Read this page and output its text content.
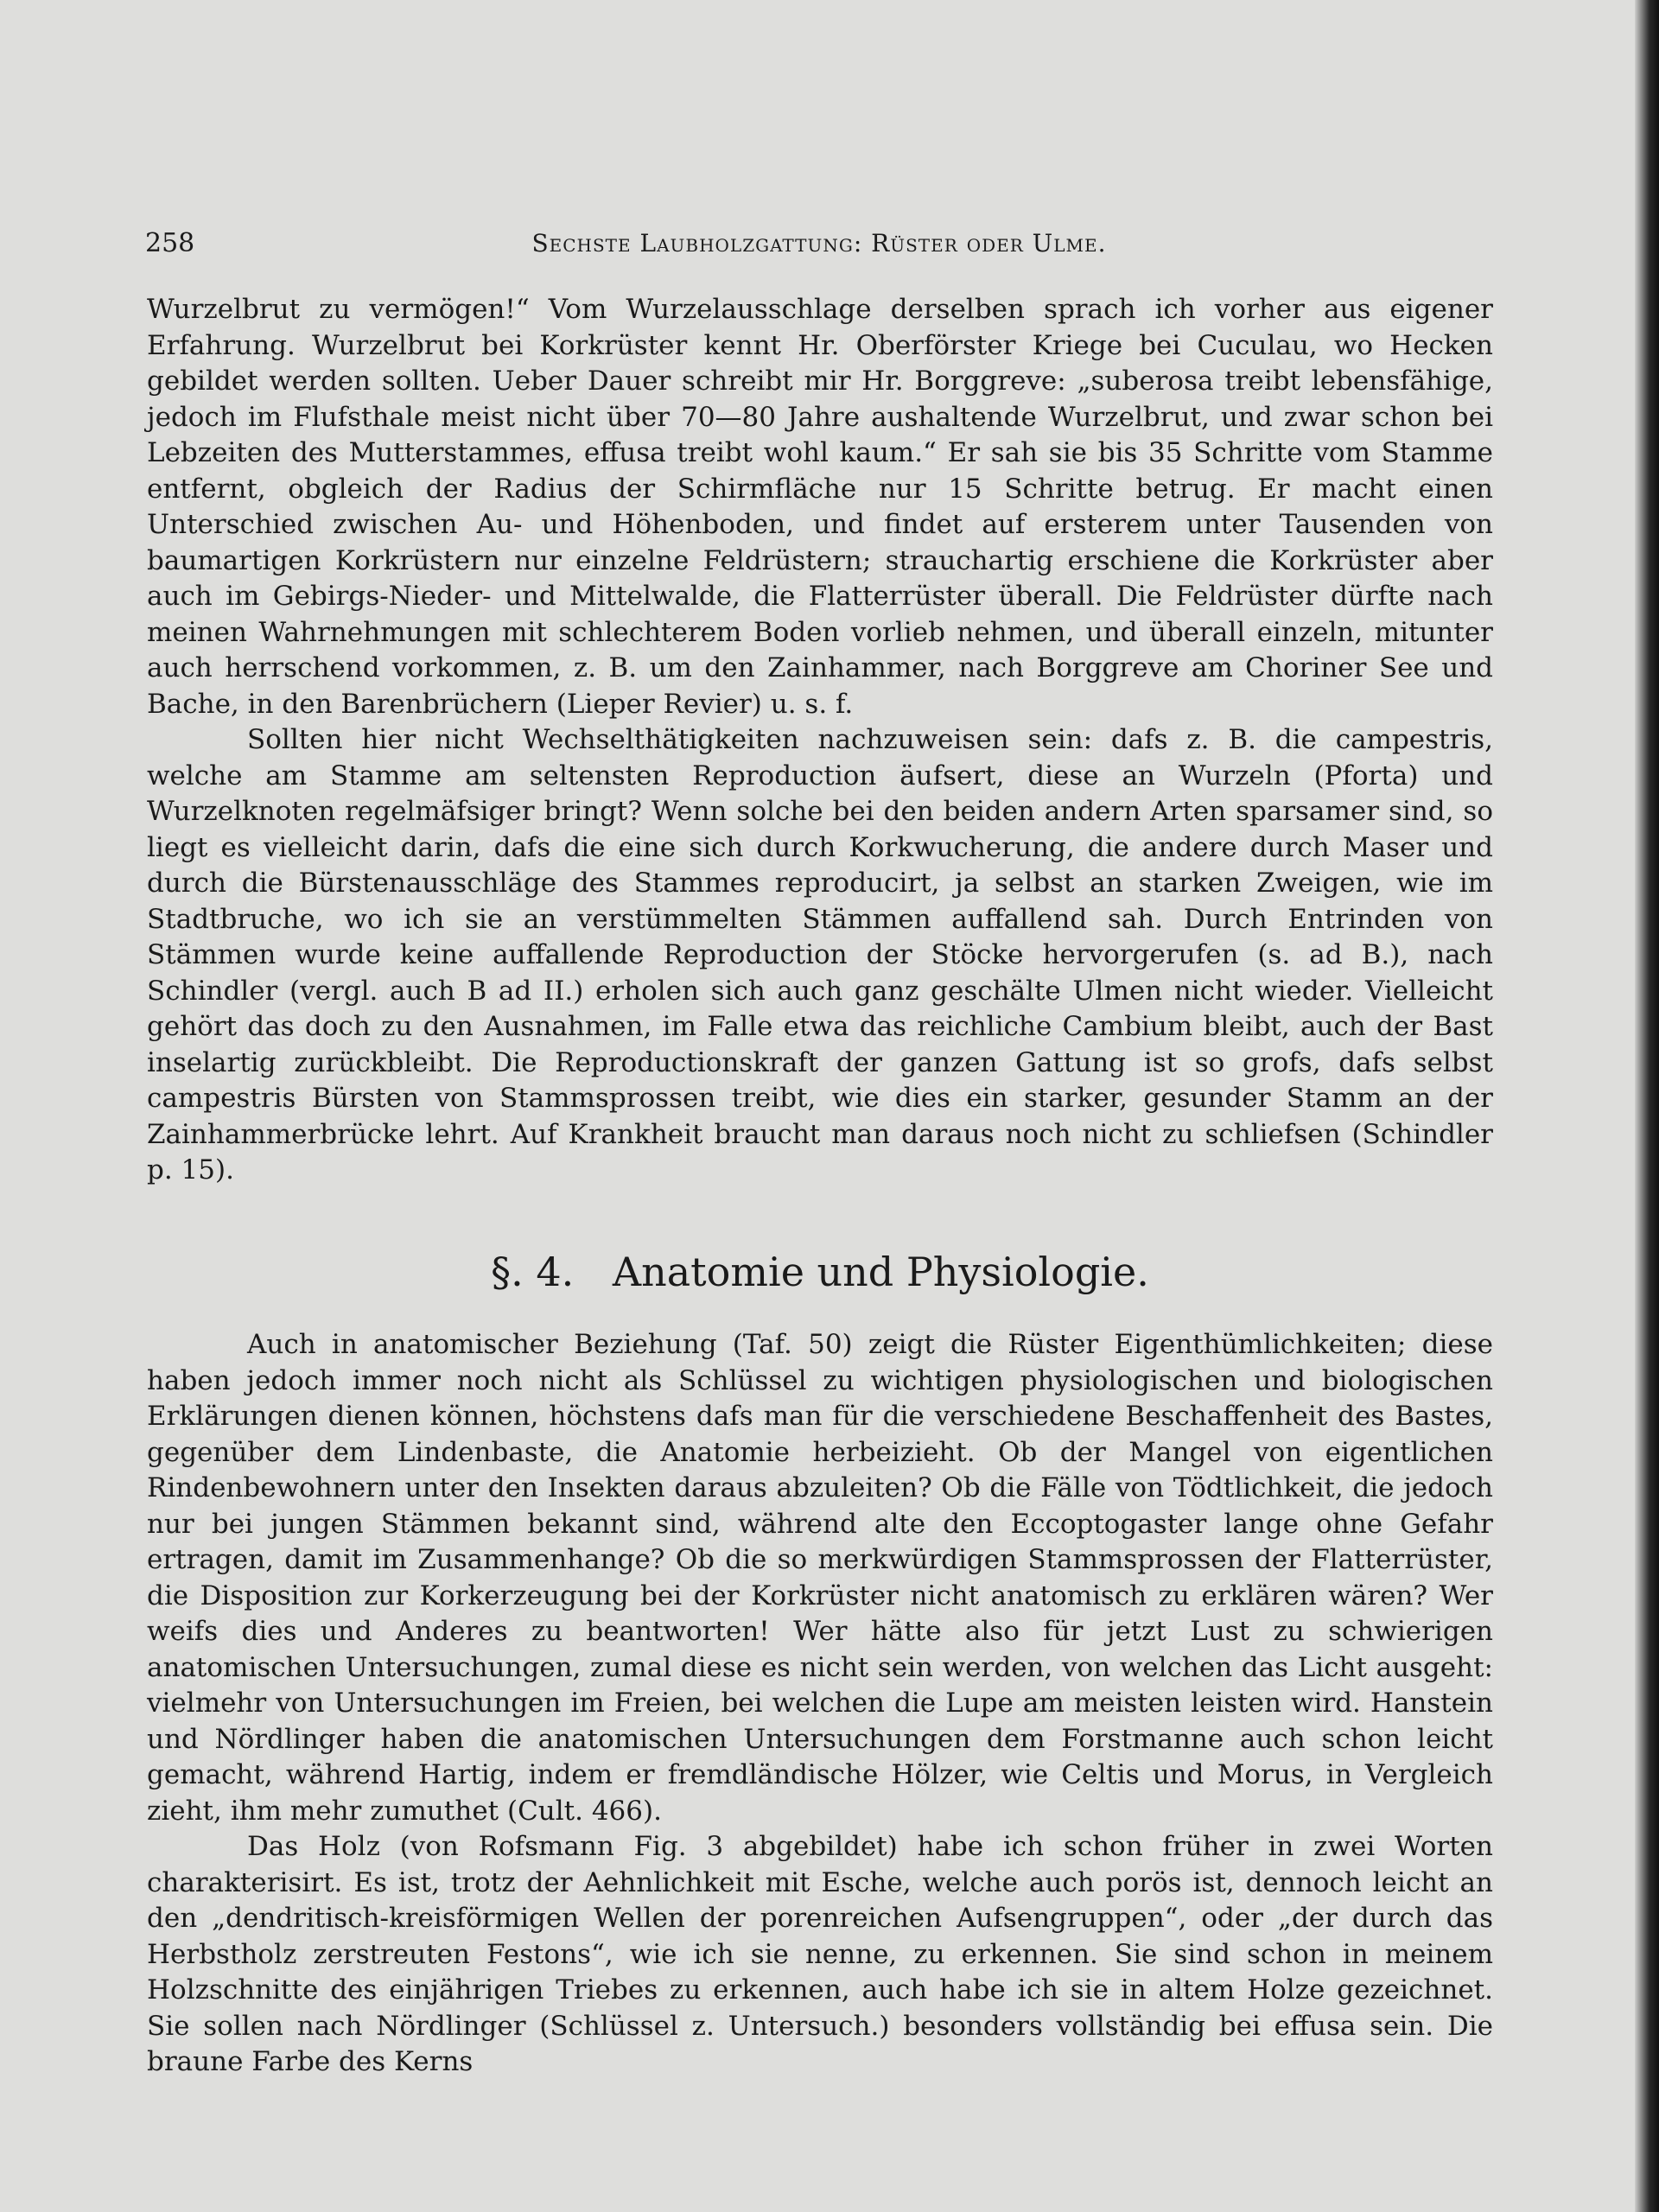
258	Sechste Laubholzgattung: Rüster oder Ulme.

Wurzelbrut zu vermögen!“ Vom Wurzelausschlage derselben sprach ich vorher aus eigener Erfahrung. Wurzelbrut bei Korkrüster kennt Hr. Oberförster Kriege bei Cuculau, wo Hecken gebildet werden sollten. Ueber Dauer schreibt mir Hr. Borggreve: „suberosa treibt lebensfähige, jedoch im Flufsthale meist nicht über 70—80 Jahre aushaltende Wurzelbrut, und zwar schon bei Lebzeiten des Mutterstammes, effusa treibt wohl kaum.“ Er sah sie bis 35 Schritte vom Stamme entfernt, obgleich der Radius der Schirmfläche nur 15 Schritte betrug. Er macht einen Unterschied zwischen Au- und Höhenboden, und findet auf ersterem unter Tausenden von baumartigen Korkrüstern nur einzelne Feldrüstern; strauchartig erschiene die Korkrüster aber auch im Gebirgs-Nieder- und Mittelwalde, die Flatterrüster überall. Die Feldrüster dürfte nach meinen Wahrnehmungen mit schlechterem Boden vorlieb nehmen, und überall einzeln, mitunter auch herrschend vorkommen, z. B. um den Zainhammer, nach Borggreve am Choriner See und Bache, in den Barenbrüchern (Lieper Revier) u. s. f.

Sollten hier nicht Wechselthätigkeiten nachzuweisen sein: dafs z. B. die campestris, welche am Stamme am seltensten Reproduction äufsert, diese an Wurzeln (Pforta) und Wurzelknoten regelmäfsiger bringt? Wenn solche bei den beiden andern Arten sparsamer sind, so liegt es vielleicht darin, dafs die eine sich durch Korkwucherung, die andere durch Maser und durch die Bürstenausschläge des Stammes reproducirt, ja selbst an starken Zweigen, wie im Stadtbruche, wo ich sie an verstümmelten Stämmen auffallend sah. Durch Entrinden von Stämmen wurde keine auffallende Reproduction der Stöcke hervorgerufen (s. ad B.), nach Schindler (vergl. auch B ad II.) erholen sich auch ganz geschälte Ulmen nicht wieder. Vielleicht gehört das doch zu den Ausnahmen, im Falle etwa das reichliche Cambium bleibt, auch der Bast inselartig zurückbleibt. Die Reproductionskraft der ganzen Gattung ist so grofs, dafs selbst campestris Bürsten von Stammsprossen treibt, wie dies ein starker, gesunder Stamm an der Zainhammerbrücke lehrt. Auf Krankheit braucht man daraus noch nicht zu schliefsen (Schindler p. 15).

§. 4. Anatomie und Physiologie.

Auch in anatomischer Beziehung (Taf. 50) zeigt die Rüster Eigenthümlichkeiten; diese haben jedoch immer noch nicht als Schlüssel zu wichtigen physiologischen und biologischen Erklärungen dienen können, höchstens dafs man für die verschiedene Beschaffenheit des Bastes, gegenüber dem Lindenbaste, die Anatomie herbeizieht. Ob der Mangel von eigentlichen Rindenbewohnern unter den Insekten daraus abzuleiten? Ob die Fälle von Tödtlichkeit, die jedoch nur bei jungen Stämmen bekannt sind, während alte den Eccoptogaster lange ohne Gefahr ertragen, damit im Zusammenhange? Ob die so merkwürdigen Stammsprossen der Flatterrüster, die Disposition zur Korkerzeugung bei der Korkrüster nicht anatomisch zu erklären wären? Wer weifs dies und Anderes zu beantworten! Wer hätte also für jetzt Lust zu schwierigen anatomischen Untersuchungen, zumal diese es nicht sein werden, von welchen das Licht ausgeht: vielmehr von Untersuchungen im Freien, bei welchen die Lupe am meisten leisten wird. Hanstein und Nördlinger haben die anatomischen Untersuchungen dem Forstmanne auch schon leicht gemacht, während Hartig, indem er fremdländische Hölzer, wie Celtis und Morus, in Vergleich zieht, ihm mehr zumuthet (Cult. 466).

Das Holz (von Rofsmann Fig. 3 abgebildet) habe ich schon früher in zwei Worten charakterisirt. Es ist, trotz der Aehnlichkeit mit Esche, welche auch porös ist, dennoch leicht an den „dendritisch-kreisförmigen Wellen der porenreichen Aufsengruppen“, oder „der durch das Herbstholz zerstreuten Festons“, wie ich sie nenne, zu erkennen. Sie sind schon in meinem Holzschnitte des einjährigen Triebes zu erkennen, auch habe ich sie in altem Holze gezeichnet. Sie sollen nach Nördlinger (Schlüssel z. Untersuch.) besonders vollständig bei effusa sein. Die braune Farbe des Kerns
